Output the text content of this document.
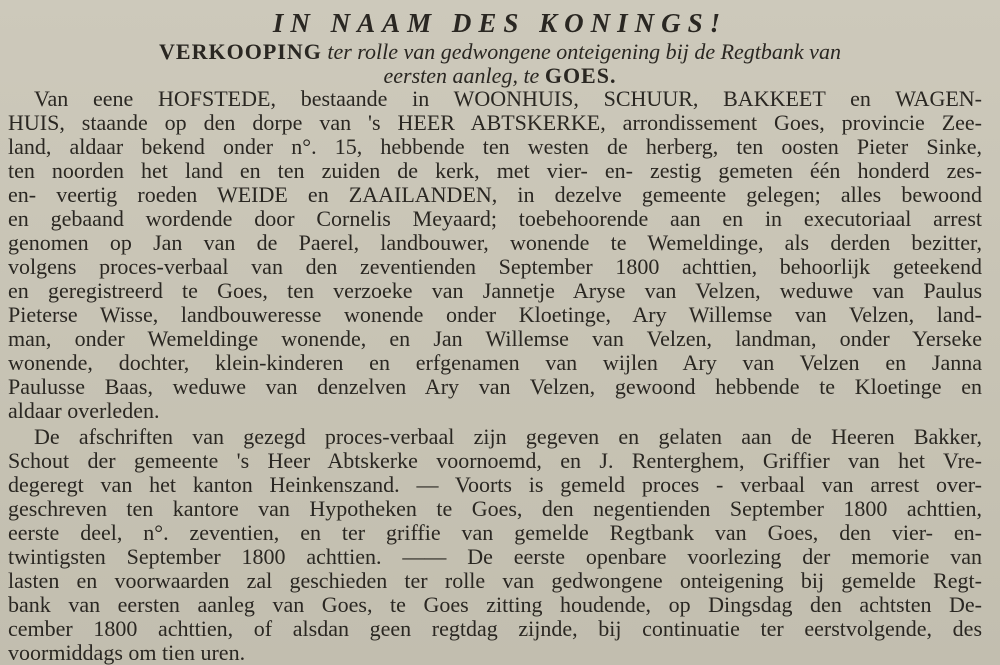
IN NAAM DES KONINGS!
VERKOOPING ter rolle van gedwongene onteigening bij de Regtbank van
eersten aanleg, te GOES.
Van eene HOFSTEDE, bestaande in WOONHUIS, SCHUUR, BAKKEET en WAGEN-
HUIS, staande op den dorpe van 's HEER ABTSKERKE, arrondissement Goes, provincie Zee-
land, aldaar bekend onder n°. 15, hebbende ten westen de herberg, ten oosten Pieter Sinke,
ten noorden het land en ten zuiden de kerk, met vier- en- zestig gemeten één honderd zes-
en- veertig roeden WEIDE en ZAAILANDEN, in dezelve gemeente gelegen; alles bewoond
en gebaand wordende door Cornelis Meyaard; toebehoorende aan en in executoriaal arrest
genomen op Jan van de Paerel, landbouwer, wonende te Wemeldinge, als derden bezitter,
volgens proces-verbaal van den zeventienden September 1800 achttien, behoorlijk geteekend
en geregistreerd te Goes, ten verzoeke van Jannetje Aryse van Velzen, weduwe van Paulus
Pieterse Wisse, landbouweresse wonende onder Kloetinge, Ary Willemse van Velzen, land-
man, onder Wemeldinge wonende, en Jan Willemse van Velzen, landman, onder Yerseke
wonende, dochter, klein-kinderen en erfgenamen van wijlen Ary van Velzen en Janna
Paulusse Baas, weduwe van denzelven Ary van Velzen, gewoond hebbende te Kloetinge en
aldaar overleden.
De afschriften van gezegd proces-verbaal zijn gegeven en gelaten aan de Heeren Bakker,
Schout der gemeente 's Heer Abtskerke voornoemd, en J. Renterghem, Griffier van het Vre-
degeregt van het kanton Heinkenszand. — Voorts is gemeld proces - verbaal van arrest over-
geschreven ten kantore van Hypotheken te Goes, den negentienden September 1800 achttien,
eerste deel, n°. zeventien, en ter griffie van gemelde Regtbank van Goes, den vier- en-
twintigsten September 1800 achttien. —— De eerste openbare voorlezing der memorie van
lasten en voorwaarden zal geschieden ter rolle van gedwongene onteigening bij gemelde Regt-
bank van eersten aanleg van Goes, te Goes zitting houdende, op Dingsdag den achtsten De-
cember 1800 achttien, of alsdan geen regtdag zijnde, bij continuatie ter eerstvolgende, des
voormiddags om tien uren.
